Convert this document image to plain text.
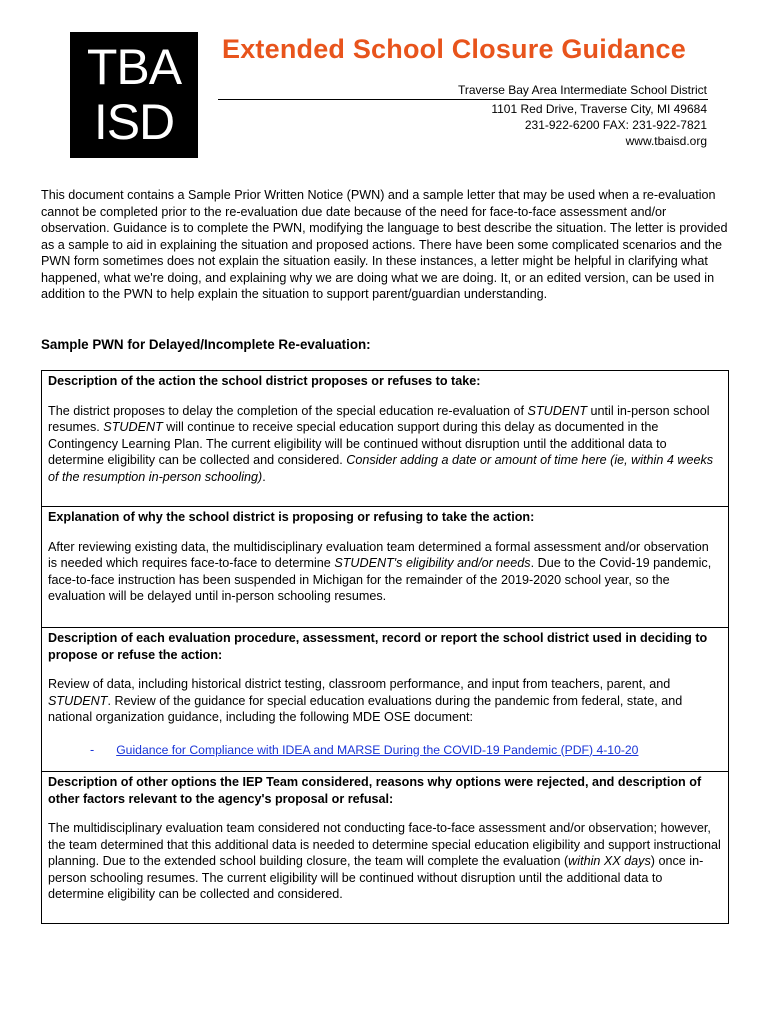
TBA
ISD
Extended School Closure Guidance
Traverse Bay Area Intermediate School District
1101 Red Drive, Traverse City, MI 49684
231-922-6200 FAX: 231-922-7821
www.tbaisd.org

This document contains a Sample Prior Written Notice (PWN) and a sample letter that may be used when a re-evaluation cannot be completed prior to the re-evaluation due date because of the need for face-to-face assessment and/or observation. Guidance is to complete the PWN, modifying the language to best describe the situation. The letter is provided as a sample to aid in explaining the situation and proposed actions. There have been some complicated scenarios and the PWN form sometimes does not explain the situation easily. In these instances, a letter might be helpful in clarifying what happened, what we're doing, and explaining why we are doing what we are doing. It, or an edited version, can be used in addition to the PWN to help explain the situation to support parent/guardian understanding.

Sample PWN for Delayed/Incomplete Re-evaluation:
Description of the action the school district proposes or refuses to take:

The district proposes to delay the completion of the special education re-evaluation of STUDENT until in-person school resumes. STUDENT will continue to receive special education support during this delay as documented in the Contingency Learning Plan. The current eligibility will be continued without disruption until the additional data to determine eligibility can be collected and considered. Consider adding a date or amount of time here (ie, within 4 weeks of the resumption in-person schooling).

Explanation of why the school district is proposing or refusing to take the action:

After reviewing existing data, the multidisciplinary evaluation team determined a formal assessment and/or observation is needed which requires face-to-face to determine STUDENT's eligibility and/or needs. Due to the Covid-19 pandemic, face-to-face instruction has been suspended in Michigan for the remainder of the 2019-2020 school year, so the evaluation will be delayed until in-person schooling resumes.

Description of each evaluation procedure, assessment, record or report the school district used in deciding to propose or refuse the action:

Review of data, including historical district testing, classroom performance, and input from teachers, parent, and STUDENT. Review of the guidance for special education evaluations during the pandemic from federal, state, and national organization guidance, including the following MDE OSE document:

- Guidance for Compliance with IDEA and MARSE During the COVID-19 Pandemic (PDF) 4-10-20
Description of other options the IEP Team considered, reasons why options were rejected, and description of other factors relevant to the agency's proposal or refusal:

The multidisciplinary evaluation team considered not conducting face-to-face assessment and/or observation; however, the team determined that this additional data is needed to determine special education eligibility and support instructional planning. Due to the extended school building closure, the team will complete the evaluation (within XX days) once in-person schooling resumes. The current eligibility will be continued without disruption until the additional data to determine eligibility can be collected and considered.
